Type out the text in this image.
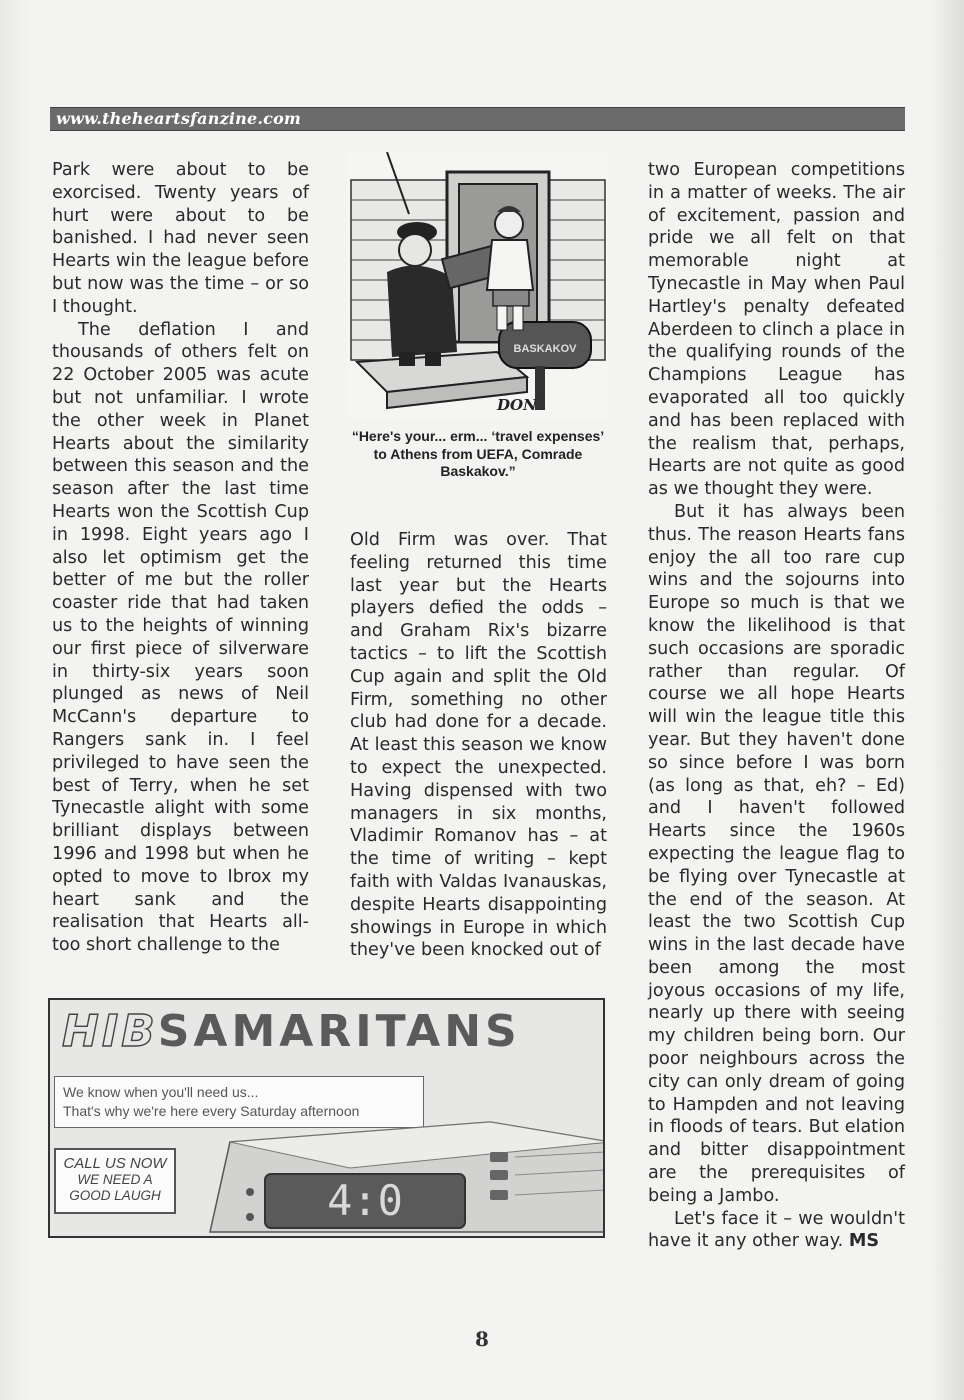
www.theheartsfanzine.com

Park were about to be exorcised. Twenty years of hurt were about to be banished. I had never seen Hearts win the league before but now was the time – or so I thought.

The deflation I and thousands of others felt on 22 October 2005 was acute but not unfamiliar. I wrote the other week in Planet Hearts about the similarity between this season and the season after the last time Hearts won the Scottish Cup in 1998. Eight years ago I also let optimism get the better of me but the roller coaster ride that had taken us to the heights of winning our first piece of silverware in thirty-six years soon plunged as news of Neil McCann's departure to Rangers sank in. I feel privileged to have seen the best of Terry, when he set Tynecastle alight with some brilliant displays between 1996 and 1998 but when he opted to move to Ibrox my heart sank and the realisation that Hearts all-too short challenge to the

BASKAKOV
DON
“Here's your... erm... ‘travel expenses’ to Athens from UEFA, Comrade Baskakov.”

Old Firm was over. That feeling returned this time last year but the Hearts players defied the odds – and Graham Rix's bizarre tactics – to lift the Scottish Cup again and split the Old Firm, something no other club had done for a decade. At least this season we know to expect the unexpected. Having dispensed with two managers in six months, Vladimir Romanov has – at the time of writing – kept faith with Valdas Ivanauskas, despite Hearts disappointing showings in Europe in which they've been knocked out of

two European competitions in a matter of weeks. The air of excitement, passion and pride we all felt on that memorable night at Tynecastle in May when Paul Hartley's penalty defeated Aberdeen to clinch a place in the qualifying rounds of the Champions League has evaporated all too quickly and has been replaced with the realism that, perhaps, Hearts are not quite as good as we thought they were.

But it has always been thus. The reason Hearts fans enjoy the all too rare cup wins and the sojourns into Europe so much is that we know the likelihood is that such occasions are sporadic rather than regular. Of course we all hope Hearts will win the league title this year. But they haven't done so since before I was born (as long as that, eh? – Ed) and I haven't followed Hearts since the 1960s expecting the league flag to be flying over Tynecastle at the end of the season. At least the two Scottish Cup wins in the last decade have been among the most joyous occasions of my life, nearly up there with seeing my children being born. Our poor neighbours across the city can only dream of going to Hampden and not leaving in floods of tears. But elation and bitter disappointment are the prerequisites of being a Jambo.

Let's face it – we wouldn't have it any other way. MS

HIBSAMARITANS
We know when you'll need us...
That's why we're here every Saturday afternoon
CALL US NOW
WE NEED A
GOOD LAUGH	4:0
8
